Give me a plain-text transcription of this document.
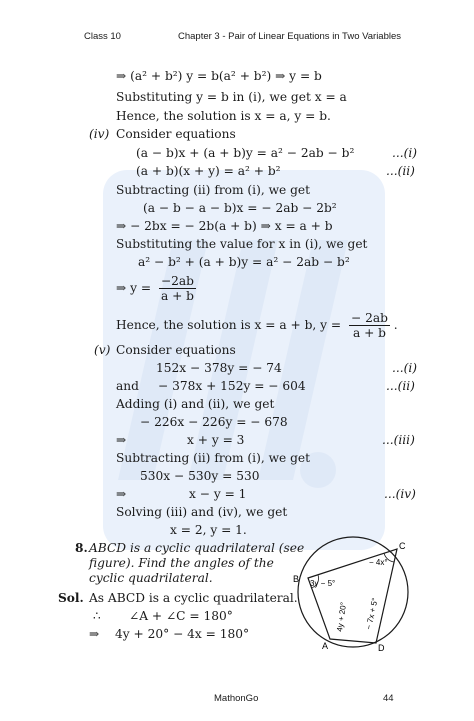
Class 10	Chapter 3 - Pair of Linear Equations in Two Variables
⇒ (a² + b²) y = b(a² + b²) ⇒ y = b
Substituting y = b in (i), we get x = a
Hence, the solution is x = a, y = b.
(iv) Consider equations
(a − b)x + (a + b)y = a² − 2ab − b²	...(i)
(a + b)(x + y) = a² + b²	...(ii)
Subtracting (ii) from (i), we get
(a − b − a − b)x = − 2ab − 2b²
⇒ − 2bx = − 2b(a + b) ⇒ x = a + b
Substituting the value for x in (i), we get
a² − b² + (a + b)y = a² − 2ab − b²
⇒ $y = \frac{-2ab}{a + b}$
Hence, the solution is x = a + b, $y = \frac{- 2ab}{a + b}$ .
(v) Consider equations
152x − 378y = − 74	...(i)
and − 378x + 152y = − 604	...(ii)
Adding (i) and (ii), we get
− 226x − 226y = − 678
⇒	x + y = 3	...(iii)
Subtracting (ii) from (i), we get
530x − 530y = 530
⇒	x − y = 1	...(iv)
Solving (iii) and (iv), we get
x = 2, y = 1.
8. ABCD is a cyclic quadrilateral (see
figure). Find the angles of the
cyclic quadrilateral.
Sol. As ABCD is a cyclic quadrilateral.
∴ ∠A + ∠C = 180°
⇒ 4y + 20° − 4x = 180°
B
C
A	D
3y − 5°
− 4x°
4y + 20° − 7x + 5°
MathonGo	44
